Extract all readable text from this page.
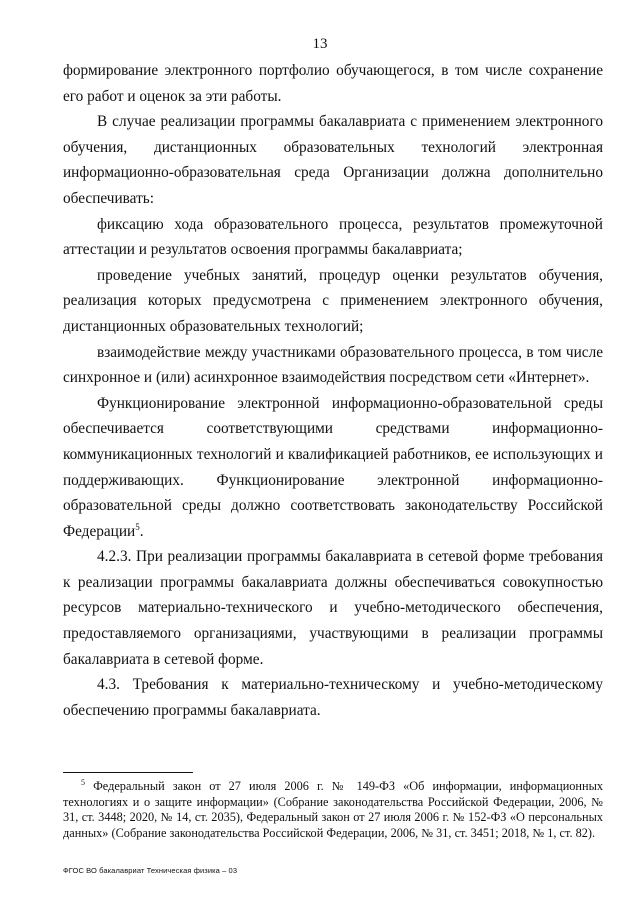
13

формирование электронного портфолио обучающегося, в том числе сохранение его работ и оценок за эти работы.

В случае реализации программы бакалавриата с применением электронного обучения, дистанционных образовательных технологий электронная информационно-образовательная среда Организации должна дополнительно обеспечивать:

фиксацию хода образовательного процесса, результатов промежуточной аттестации и результатов освоения программы бакалавриата;

проведение учебных занятий, процедур оценки результатов обучения, реализация которых предусмотрена с применением электронного обучения, дистанционных образовательных технологий;

взаимодействие между участниками образовательного процесса, в том числе синхронное и (или) асинхронное взаимодействия посредством сети «Интернет».

Функционирование электронной информационно-образовательной среды обеспечивается соответствующими средствами информационно-коммуникационных технологий и квалификацией работников, ее использующих и поддерживающих. Функционирование электронной информационно-образовательной среды должно соответствовать законодательству Российской Федерации$^5$.

4.2.3. При реализации программы бакалавриата в сетевой форме требования к реализации программы бакалавриата должны обеспечиваться совокупностью ресурсов материально-технического и учебно-методического обеспечения, предоставляемого организациями, участвующими в реализации программы бакалавриата в сетевой форме.

4.3. Требования к материально-техническому и учебно-методическому обеспечению программы бакалавриата.

$^5$ Федеральный закон от 27 июля 2006 г. № 149-ФЗ «Об информации, информационных технологиях и о защите информации» (Собрание законодательства Российской Федерации, 2006, № 31, ст. 3448; 2020, № 14, ст. 2035), Федеральный закон от 27 июля 2006 г. № 152-ФЗ «О персональных данных» (Собрание законодательства Российской Федерации, 2006, № 31, ст. 3451; 2018, № 1, ст. 82).

ФГОС ВО бакалавриат Техническая физика – 03
